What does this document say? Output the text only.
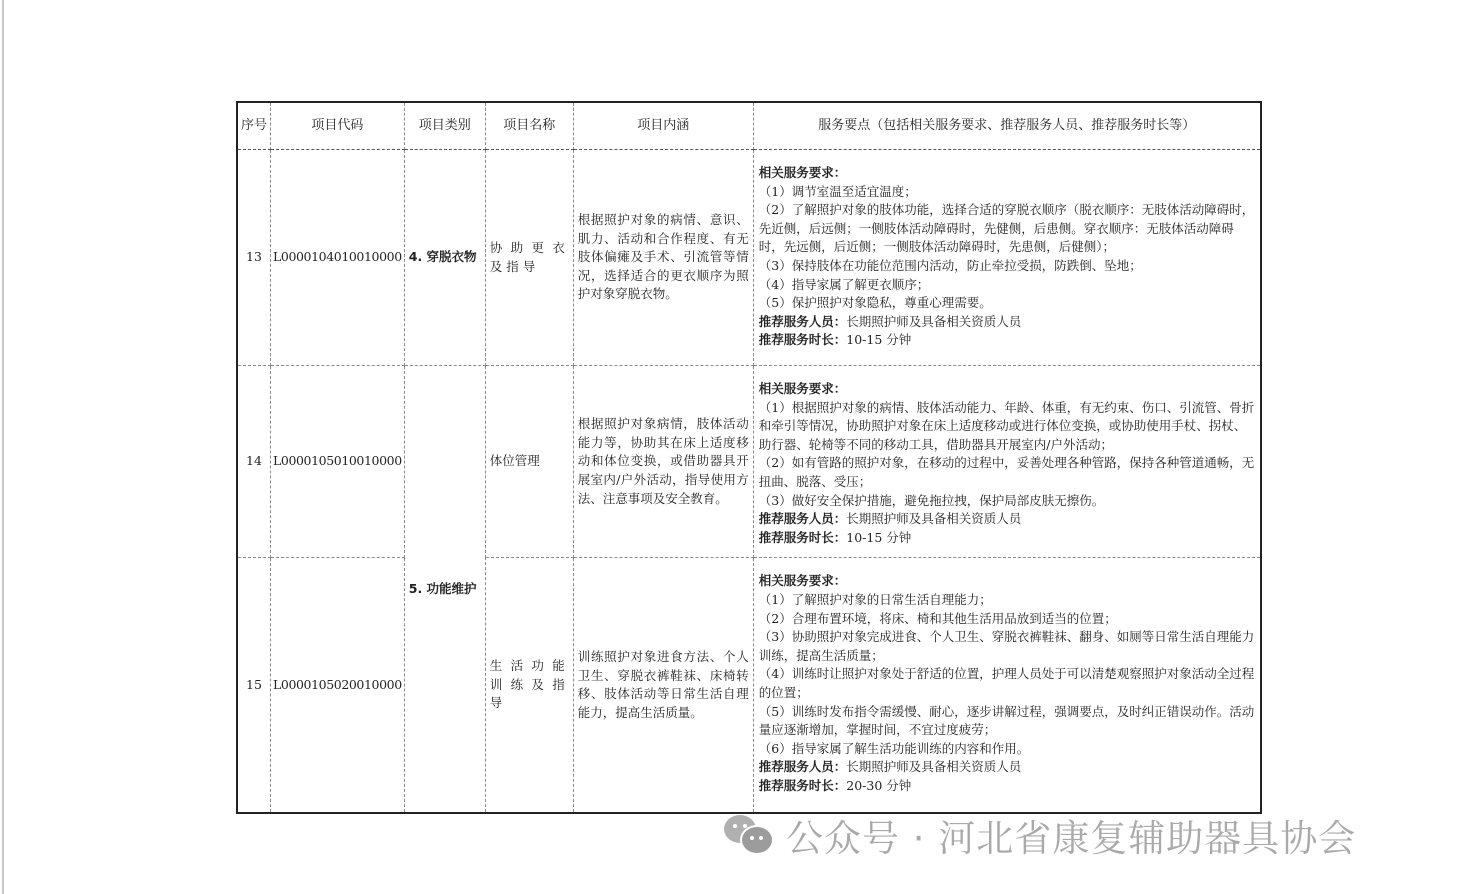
序号	项目代码	项目类别	项目名称	项目内涵	服务要点（包括相关服务要求、推荐服务人员、推荐服务时长等）
13	L0000104010010000	4. 穿脱衣物	协助更衣及指导	根据照护对象的病情、意识、肌力、活动和合作程度、有无肢体偏瘫及手术、引流管等情况，选择适合的更衣顺序为照护对象穿脱衣物。	
相关服务要求：
（1）调节室温至适宜温度；
（2）了解照护对象的肢体功能，选择合适的穿脱衣顺序（脱衣顺序：无肢体活动障碍时，先近侧，后远侧；一侧肢体活动障碍时，先健侧，后患侧。穿衣顺序：无肢体活动障碍时，先远侧，后近侧；一侧肢体活动障碍时，先患侧，后健侧）；
（3）保持肢体在功能位范围内活动，防止牵拉受损，防跌倒、坠地；
（4）指导家属了解更衣顺序；
（5）保护照护对象隐私，尊重心理需要。
推荐服务人员：长期照护师及具备相关资质人员
推荐服务时长：10-15 分钟

14	L0000105010010000	5. 功能维护	体位管理	根据照护对象病情，肢体活动能力等，协助其在床上适度移动和体位变换，或借助器具开展室内/户外活动，指导使用方法、注意事项及安全教育。	
相关服务要求：
（1）根据照护对象的病情、肢体活动能力、年龄、体重，有无约束、伤口、引流管、骨折和牵引等情况，协助照护对象在床上适度移动或进行体位变换，或协助使用手杖、拐杖、助行器、轮椅等不同的移动工具，借助器具开展室内/户外活动；
（2）如有管路的照护对象，在移动的过程中，妥善处理各种管路，保持各种管道通畅，无扭曲、脱落、受压；
（3）做好安全保护措施，避免拖拉拽，保护局部皮肤无擦伤。
推荐服务人员：长期照护师及具备相关资质人员
推荐服务时长：10-15 分钟

15	L0000105020010000	生活功能训练及指导	训练照护对象进食方法、个人卫生、穿脱衣裤鞋袜、床椅转移、肢体活动等日常生活自理能力，提高生活质量。	
相关服务要求：
（1）了解照护对象的日常生活自理能力；
（2）合理布置环境，将床、椅和其他生活用品放到适当的位置；
（3）协助照护对象完成进食、个人卫生、穿脱衣裤鞋袜、翻身、如厕等日常生活自理能力训练，提高生活质量；
（4）训练时让照护对象处于舒适的位置，护理人员处于可以清楚观察照护对象活动全过程的位置；
（5）训练时发布指令需缓慢、耐心，逐步讲解过程，强调要点，及时纠正错误动作。活动量应逐渐增加，掌握时间，不宜过度疲劳；
（6）指导家属了解生活功能训练的内容和作用。
推荐服务人员：长期照护师及具备相关资质人员
推荐服务时长：20-30 分钟
公众号 · 河北省康复辅助器具协会
